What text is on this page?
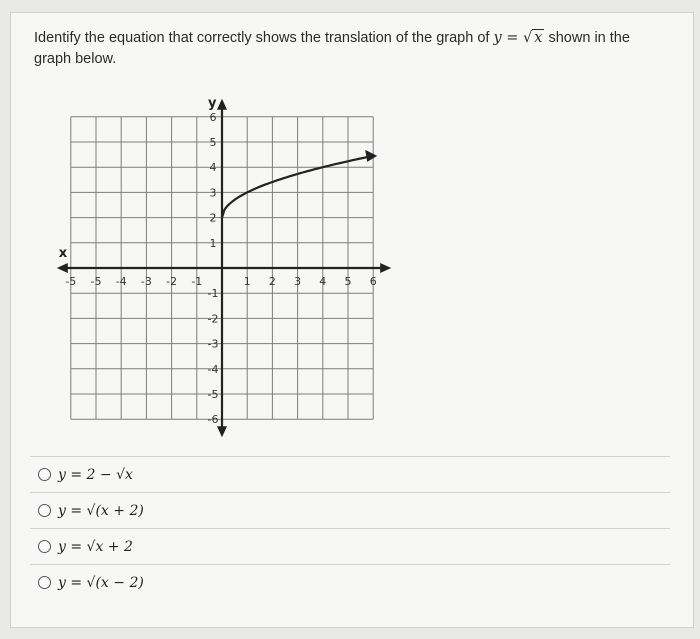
Identify the equation that correctly shows the translation of the graph of y = √ x shown in the graph below.
-5 -5 -4 -3 -2 -1	1 2 3 4 5 6
6
5
4
3
2
1
-1
-2
-3
-4
-5
-6
x
y
y = 2 − √x
y = √(x + 2)
y = √x + 2
y = √(x − 2)
